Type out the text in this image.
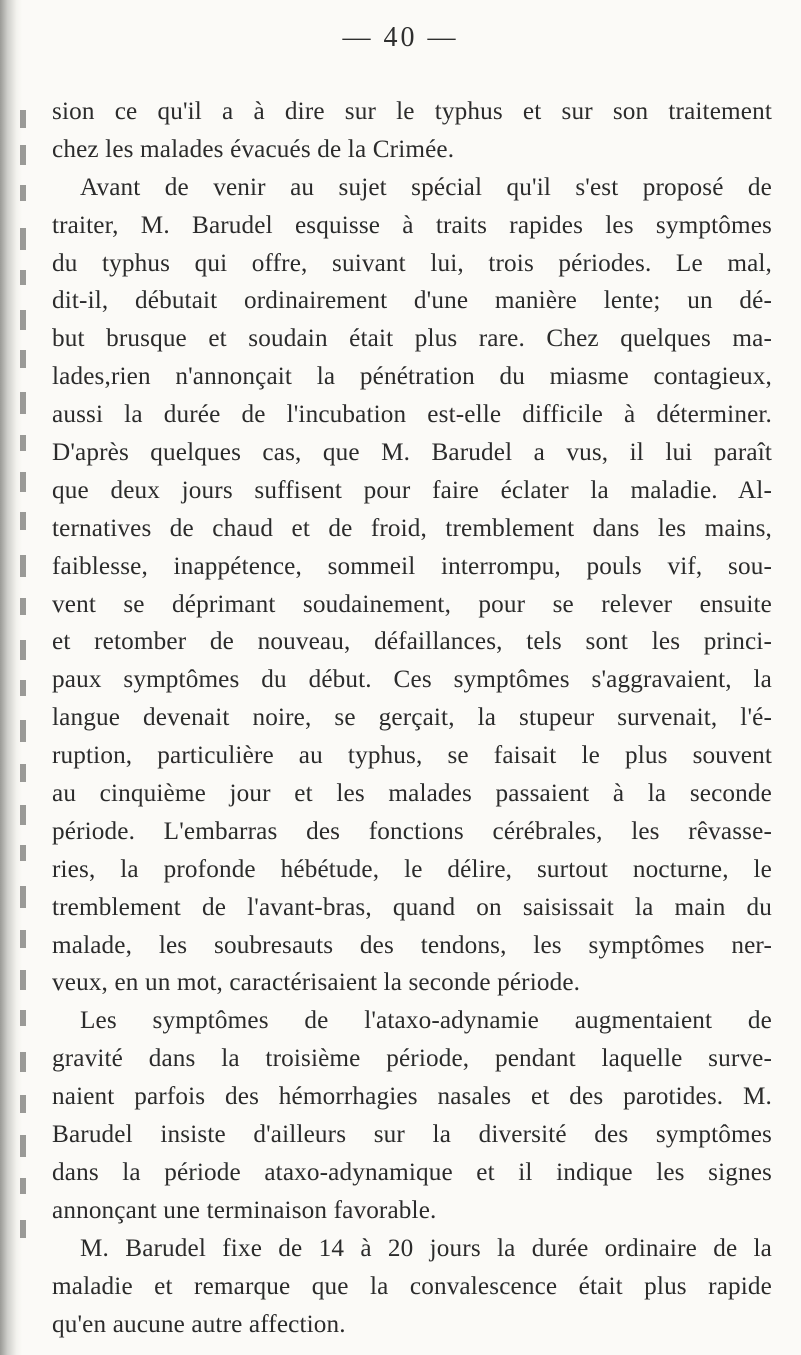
— 40 —
sion ce qu'il a à dire sur le typhus et sur son traitement
chez les malades évacués de la Crimée.
Avant de venir au sujet spécial qu'il s'est proposé de
traiter, M. Barudel esquisse à traits rapides les symptômes
du typhus qui offre, suivant lui, trois périodes. Le mal,
dit-il, débutait ordinairement d'une manière lente; un dé-
but brusque et soudain était plus rare. Chez quelques ma-
lades,rien n'annonçait la pénétration du miasme contagieux,
aussi la durée de l'incubation est-elle difficile à déterminer.
D'après quelques cas, que M. Barudel a vus, il lui paraît
que deux jours suffisent pour faire éclater la maladie. Al-
ternatives de chaud et de froid, tremblement dans les mains,
faiblesse, inappétence, sommeil interrompu, pouls vif, sou-
vent se déprimant soudainement, pour se relever ensuite
et retomber de nouveau, défaillances, tels sont les princi-
paux symptômes du début. Ces symptômes s'aggravaient, la
langue devenait noire, se gerçait, la stupeur survenait, l'é-
ruption, particulière au typhus, se faisait le plus souvent
au cinquième jour et les malades passaient à la seconde
période. L'embarras des fonctions cérébrales, les rêvasse-
ries, la profonde hébétude, le délire, surtout nocturne, le
tremblement de l'avant-bras, quand on saisissait la main du
malade, les soubresauts des tendons, les symptômes ner-
veux, en un mot, caractérisaient la seconde période.
Les symptômes de l'ataxo-adynamie augmentaient de
gravité dans la troisième période, pendant laquelle surve-
naient parfois des hémorrhagies nasales et des parotides. M.
Barudel insiste d'ailleurs sur la diversité des symptômes
dans la période ataxo-adynamique et il indique les signes
annonçant une terminaison favorable.
M. Barudel fixe de 14 à 20 jours la durée ordinaire de la
maladie et remarque que la convalescence était plus rapide
qu'en aucune autre affection.
